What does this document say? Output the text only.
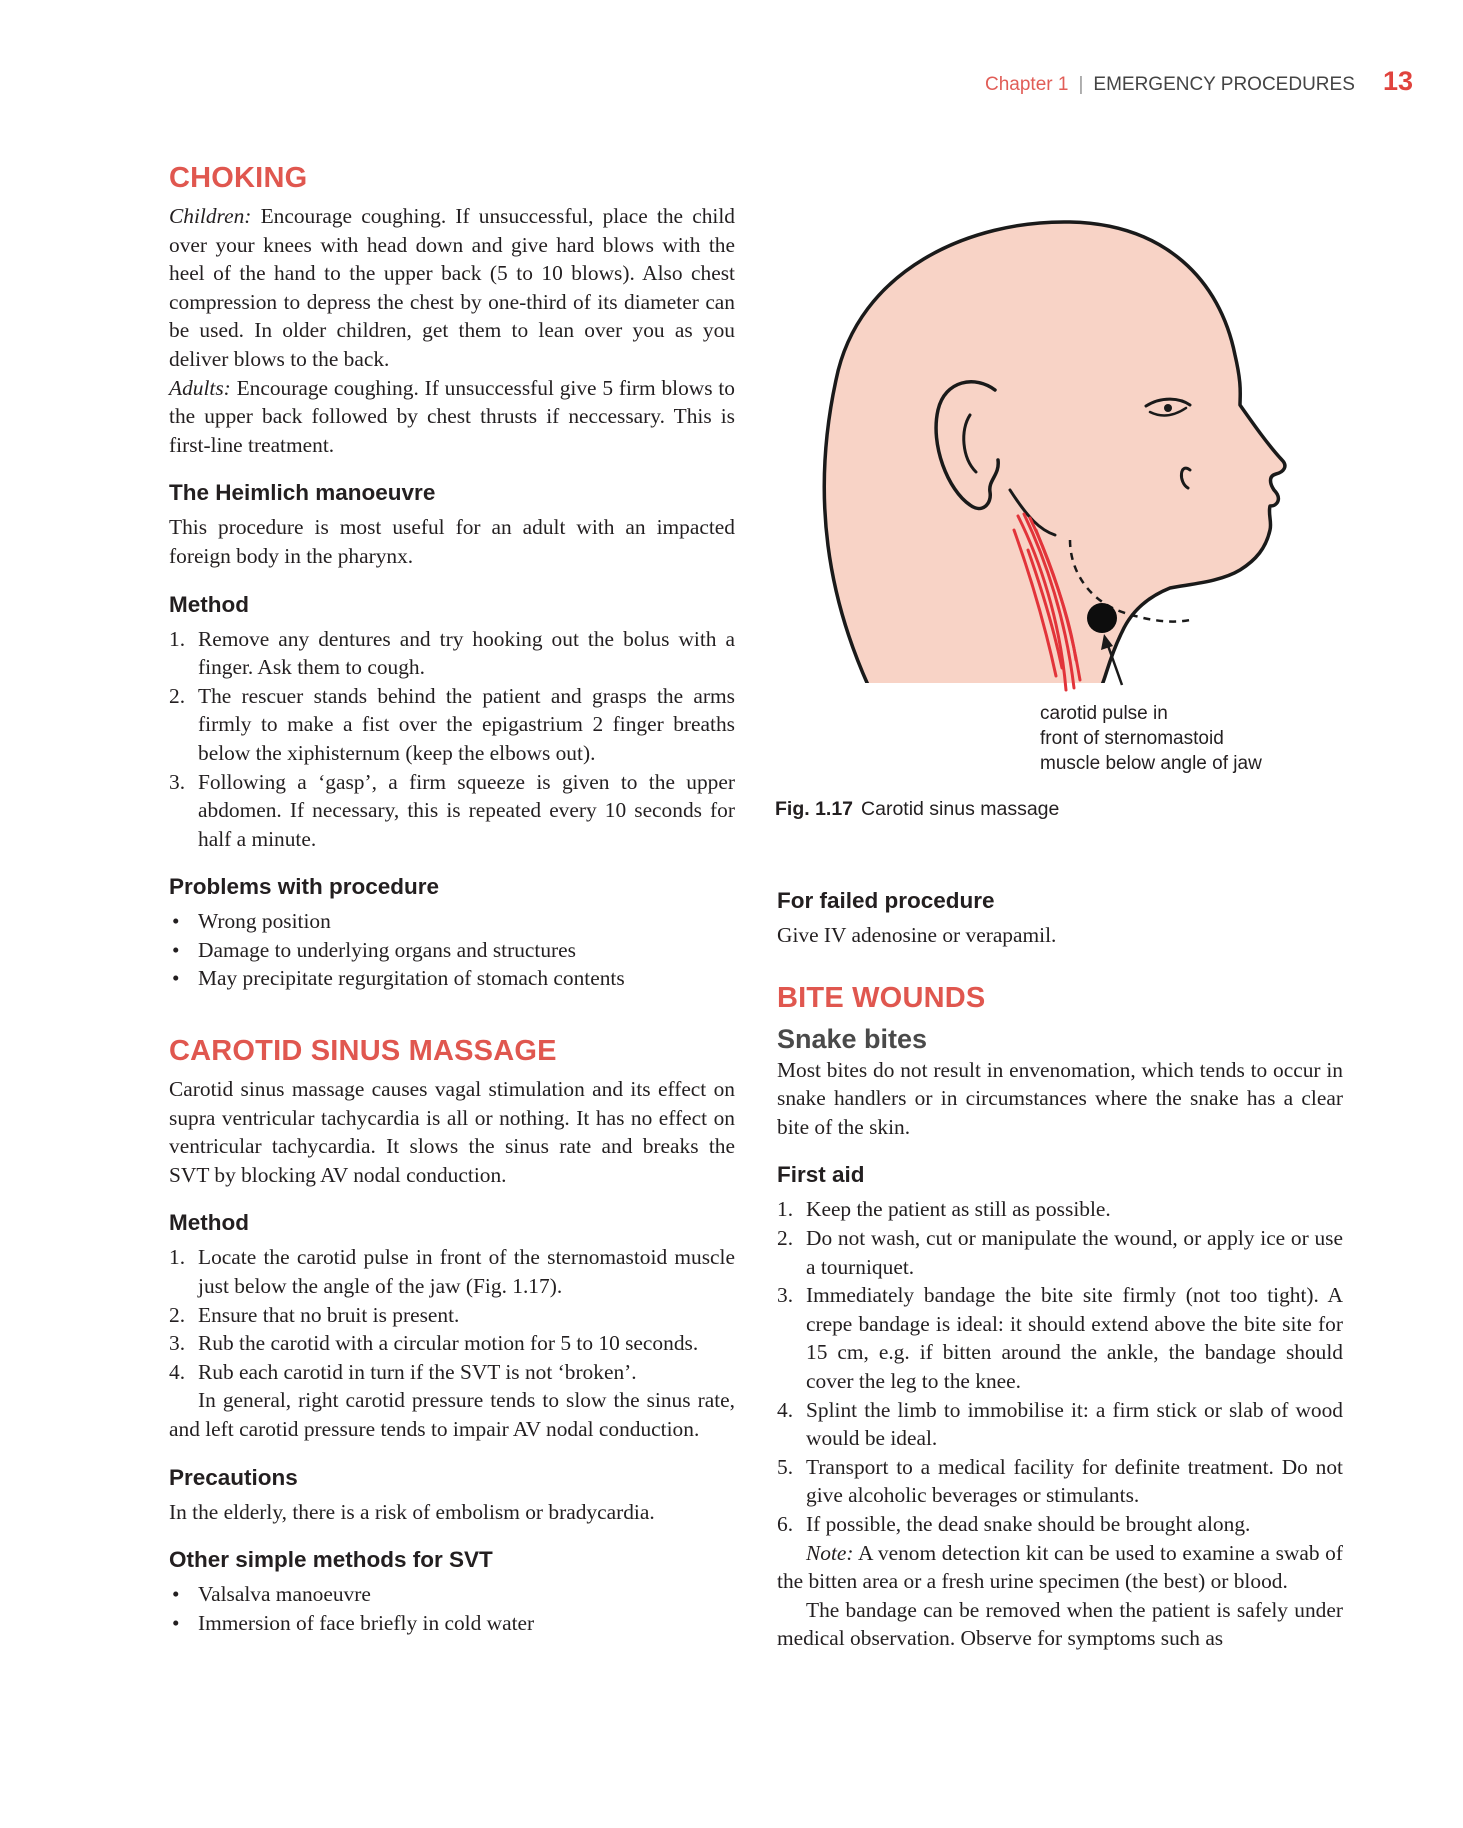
Chapter 1 | EMERGENCY PROCEDURES 13
CHOKING

Children: Encourage coughing. If unsuccessful, place the child over your knees with head down and give hard blows with the heel of the hand to the upper back (5 to 10 blows). Also chest compression to depress the chest by one-third of its diameter can be used. In older children, get them to lean over you as you deliver blows to the back.

Adults: Encourage coughing. If unsuccessful give 5 firm blows to the upper back followed by chest thrusts if neccessary. This is first-line treatment.

The Heimlich manoeuvre

This procedure is most useful for an adult with an impacted foreign body in the pharynx.

Method
1. Remove any dentures and try hooking out the bolus with a finger. Ask them to cough.
2. The rescuer stands behind the patient and grasps the arms firmly to make a fist over the epigastrium 2 finger breaths below the xiphisternum (keep the elbows out).
3. Following a ‘gasp’, a firm squeeze is given to the upper abdomen. If necessary, this is repeated every 10 seconds for half a minute.
Problems with procedure
• Wrong position
• Damage to underlying organs and structures
• May precipitate regurgitation of stomach contents
CAROTID SINUS MASSAGE

Carotid sinus massage causes vagal stimulation and its effect on supra ventricular tachycardia is all or nothing. It has no effect on ventricular tachycardia. It slows the sinus rate and breaks the SVT by blocking AV nodal conduction.

Method
1. Locate the carotid pulse in front of the sternomastoid muscle just below the angle of the jaw (Fig. 1.17).
2. Ensure that no bruit is present.
3. Rub the carotid with a circular motion for 5 to 10 seconds.
4. Rub each carotid in turn if the SVT is not ‘broken’.

In general, right carotid pressure tends to slow the sinus rate, and left carotid pressure tends to impair AV nodal conduction.

Precautions

In the elderly, there is a risk of embolism or bradycardia.

Other simple methods for SVT
• Valsalva manoeuvre
• Immersion of face briefly in cold water
carotid pulse in
front of sternomastoid
muscle below angle of jaw
Fig. 1.17 Carotid sinus massage
For failed procedure

Give IV adenosine or verapamil.

BITE WOUNDS
Snake bites

Most bites do not result in envenomation, which tends to occur in snake handlers or in circumstances where the snake has a clear bite of the skin.

First aid
1. Keep the patient as still as possible.
2. Do not wash, cut or manipulate the wound, or apply ice or use a tourniquet.
3. Immediately bandage the bite site firmly (not too tight). A crepe bandage is ideal: it should extend above the bite site for 15 cm, e.g. if bitten around the ankle, the bandage should cover the leg to the knee.
4. Splint the limb to immobilise it: a firm stick or slab of wood would be ideal.
5. Transport to a medical facility for definite treatment. Do not give alcoholic beverages or stimulants.
6. If possible, the dead snake should be brought along.

Note: A venom detection kit can be used to examine a swab of the bitten area or a fresh urine specimen (the best) or blood.

The bandage can be removed when the patient is safely under medical observation. Observe for symptoms such as
